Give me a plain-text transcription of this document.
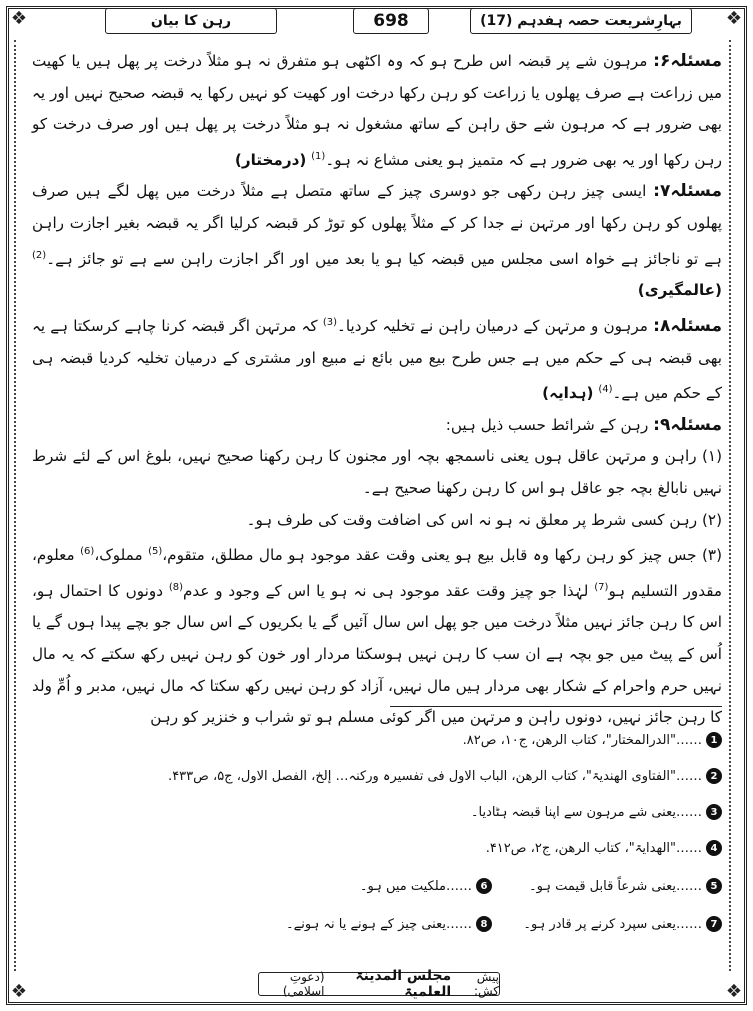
❖	❖
❖	❖
بہارِشریعت حصہ ہفدہم (17)
698
رہن کا بیان

مسئلہ۶: مرہون شے پر قبضہ اس طرح ہو کہ وہ اکٹھی ہو متفرق نہ ہو مثلاً درخت پر پھل ہیں یا کھیت میں زراعت ہے صرف پھلوں یا زراعت کو رہن رکھا درخت اور کھیت کو نہیں رکھا یہ قبضہ صحیح نہیں اور یہ بھی ضرور ہے کہ مرہون شے حق راہن کے ساتھ مشغول نہ ہو مثلاً درخت پر پھل ہیں اور صرف درخت کو رہن رکھا اور یہ بھی ضرور ہے کہ متمیز ہو یعنی مشاع نہ ہو۔$^{(1)}$ (درمختار)

مسئلہ۷: ایسی چیز رہن رکھی جو دوسری چیز کے ساتھ متصل ہے مثلاً درخت میں پھل لگے ہیں صرف پھلوں کو رہن رکھا اور مرتہن نے جدا کر کے مثلاً پھلوں کو توڑ کر قبضہ کرلیا اگر یہ قبضہ بغیر اجازت راہن ہے تو ناجائز ہے خواہ اسی مجلس میں قبضہ کیا ہو یا بعد میں اور اگر اجازت راہن سے ہے تو جائز ہے۔$^{(2)}$ (عالمگیری)

مسئلہ۸: مرہون و مرتہن کے درمیان راہن نے تخلیہ کردیا۔$^{(3)}$ کہ مرتہن اگر قبضہ کرنا چاہے کرسکتا ہے یہ بھی قبضہ ہی کے حکم میں ہے جس طرح بیع میں بائع نے مبیع اور مشتری کے درمیان تخلیہ کردیا قبضہ ہی کے حکم میں ہے۔$^{(4)}$ (ہدایہ)

مسئلہ۹: رہن کے شرائط حسب ذیل ہیں:

(۱) راہن و مرتہن عاقل ہوں یعنی ناسمجھ بچہ اور مجنون کا رہن رکھنا صحیح نہیں، بلوغ اس کے لئے شرط نہیں نابالغ بچہ جو عاقل ہو اس کا رہن رکھنا صحیح ہے۔

(۲) رہن کسی شرط پر معلق نہ ہو نہ اس کی اضافت وقت کی طرف ہو۔

(۳) جس چیز کو رہن رکھا وہ قابل بیع ہو یعنی وقت عقد موجود ہو مال مطلق، متقوم،$^{(5)}$ مملوک،$^{(6)}$ معلوم، مقدور التسلیم ہو$^{(7)}$ لہٰذا جو چیز وقت عقد موجود ہی نہ ہو یا اس کے وجود و عدم$^{(8)}$ دونوں کا احتمال ہو، اس کا رہن جائز نہیں مثلاً درخت میں جو پھل اس سال آئیں گے یا بکریوں کے اس سال جو بچے پیدا ہوں گے یا اُس کے پیٹ میں جو بچہ ہے ان سب کا رہن نہیں ہوسکتا مردار اور خون کو رہن نہیں رکھ سکتے کہ یہ مال نہیں حرم واحرام کے شکار بھی مردار ہیں مال نہیں، آزاد کو رہن نہیں رکھ سکتا کہ مال نہیں، مدبر و اُمِّ ولد کا رہن جائز نہیں، دونوں راہن و مرتہن میں اگر کوئی مسلم ہو تو شراب و خنزیر کو رہن

1
……"الدرالمختار"، کتاب الرھن، ج۱۰، ص۸۲.
2
……"الفتاوی الھندیۃ"، کتاب الرھن، الباب الاول فی تفسیرہ ورکنہ… إلخ، الفصل الاول، ج۵، ص۴۳۳.
3
……یعنی شے مرہون سے اپنا قبضہ ہٹادیا۔
4
……"الھدایۃ"، کتاب الرھن، ج۲، ص۴۱۲.
5
……یعنی شرعاً قابل قیمت ہو۔
6
……ملکیت میں ہو۔
7
……یعنی سپرد کرنے پر قادر ہو۔
8
……یعنی چیز کے ہونے یا نہ ہونے۔
پیش کش:
مجلس المدینۃ العلمیۃ
(دعوتِ اسلامی)
